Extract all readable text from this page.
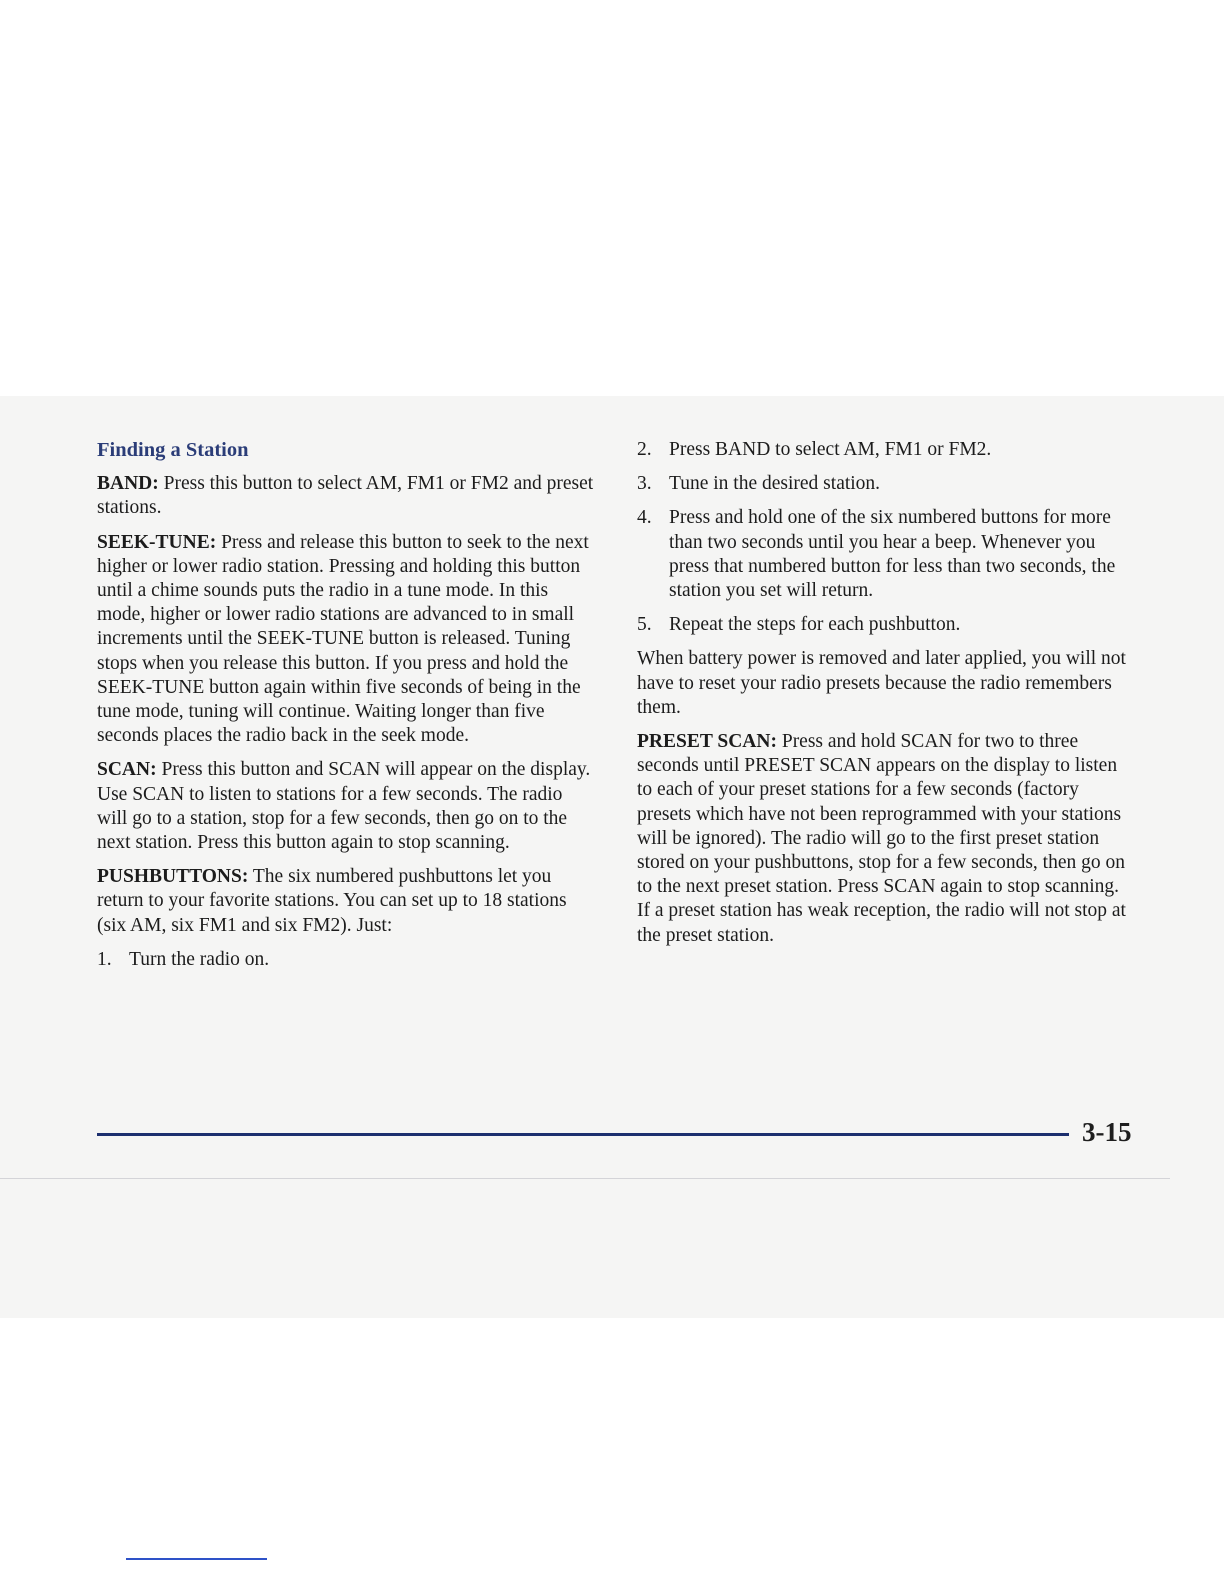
Finding a Station

BAND: Press this button to select AM, FM1 or FM2 and preset stations.

SEEK-TUNE: Press and release this button to seek to the next higher or lower radio station. Pressing and holding this button until a chime sounds puts the radio in a tune mode. In this mode, higher or lower radio stations are advanced to in small increments until the SEEK-TUNE button is released. Tuning stops when you release this button. If you press and hold the SEEK-TUNE button again within five seconds of being in the tune mode, tuning will continue. Waiting longer than five seconds places the radio back in the seek mode.

SCAN: Press this button and SCAN will appear on the display. Use SCAN to listen to stations for a few seconds. The radio will go to a station, stop for a few seconds, then go on to the next station. Press this button again to stop scanning.

PUSHBUTTONS: The six numbered pushbuttons let you return to your favorite stations. You can set up to 18 stations (six AM, six FM1 and six FM2). Just:

1. Turn the radio on.
2. Press BAND to select AM, FM1 or FM2.
3. Tune in the desired station.
4. Press and hold one of the six numbered buttons for more than two seconds until you hear a beep. Whenever you press that numbered button for less than two seconds, the station you set will return.
5. Repeat the steps for each pushbutton.

When battery power is removed and later applied, you will not have to reset your radio presets because the radio remembers them.

PRESET SCAN: Press and hold SCAN for two to three seconds until PRESET SCAN appears on the display to listen to each of your preset stations for a few seconds (factory presets which have not been reprogrammed with your stations will be ignored). The radio will go to the first preset station stored on your pushbuttons, stop for a few seconds, then go on to the next preset station. Press SCAN again to stop scanning. If a preset station has weak reception, the radio will not stop at the preset station.

3-15
